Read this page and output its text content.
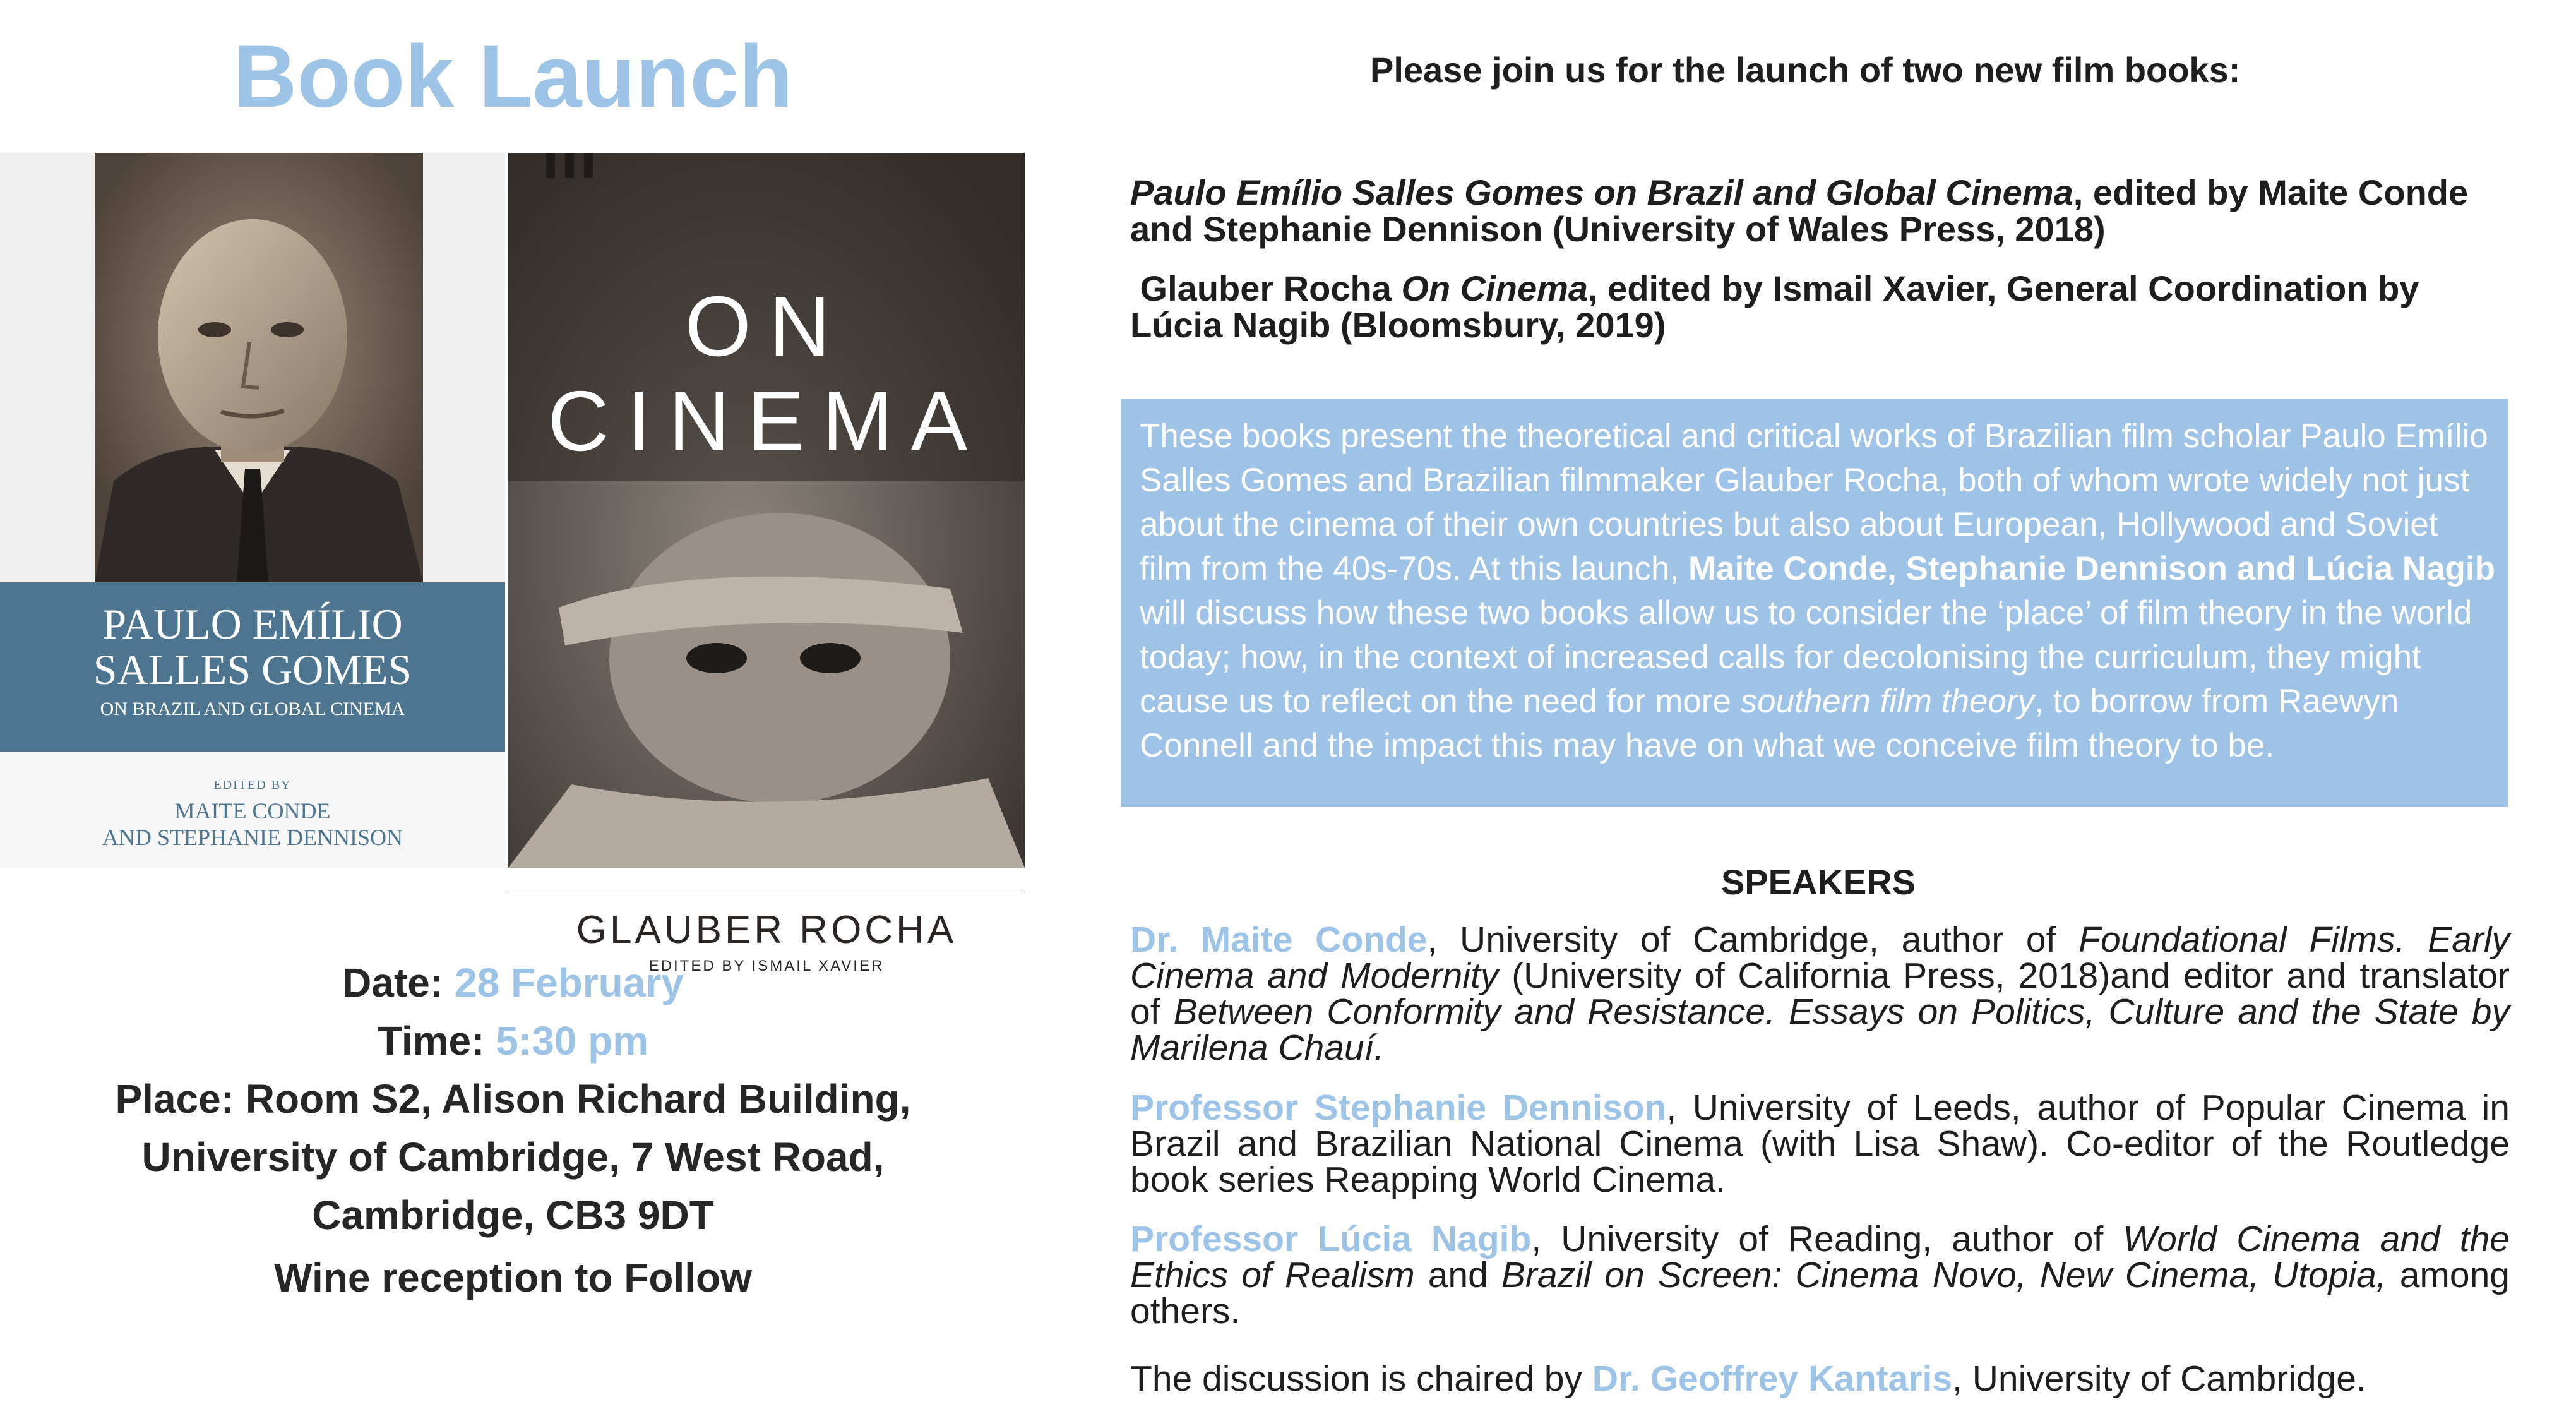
Book Launch
PAULO EMÍLIO
SALLES GOMES
ON BRAZIL AND GLOBAL CINEMA
EDITED BY
MAITE CONDE
AND STEPHANIE DENNISON
ON
CINEMA
GLAUBER ROCHA
EDITED BY ISMAIL XAVIER
Date: 28 February
Time: 5:30 pm
Place: Room S2, Alison Richard Building,
University of Cambridge, 7 West Road,
Cambridge, CB3 9DT
Wine reception to Follow
Please join us for the launch of two new film books:
Paulo Emílio Salles Gomes on Brazil and Global Cinema, edited by Maite Conde and Stephanie Dennison (University of Wales Press, 2018)
Glauber Rocha On Cinema, edited by Ismail Xavier, General Coordination by Lúcia Nagib (Bloomsbury, 2019)
These books present the theoretical and critical works of Brazilian film scholar Paulo Emílio Salles Gomes and Brazilian filmmaker Glauber Rocha, both of whom wrote widely not just about the cinema of their own countries but also about European, Hollywood and Soviet film from the 40s-70s. At this launch, Maite Conde, Stephanie Dennison and Lúcia Nagib will discuss how these two books allow us to consider the ‘place’ of film theory in the world today; how, in the context of increased calls for decolonising the curriculum, they might cause us to reflect on the need for more southern film theory, to borrow from Raewyn Connell and the impact this may have on what we conceive film theory to be.
SPEAKERS
Dr. Maite Conde, University of Cambridge, author of Foundational Films. Early Cinema and Modernity (University of California Press, 2018)and editor and translator of Between Conformity and Resistance. Essays on Politics, Culture and the State by Marilena Chauí.
Professor Stephanie Dennison, University of Leeds, author of Popular Cinema in Brazil and Brazilian National Cinema (with Lisa Shaw). Co-editor of the Routledge book series Reapping World Cinema.
Professor Lúcia Nagib, University of Reading, author of World Cinema and the Ethics of Realism and Brazil on Screen: Cinema Novo, New Cinema, Utopia, among others.
The discussion is chaired by Dr. Geoffrey Kantaris, University of Cambridge.
